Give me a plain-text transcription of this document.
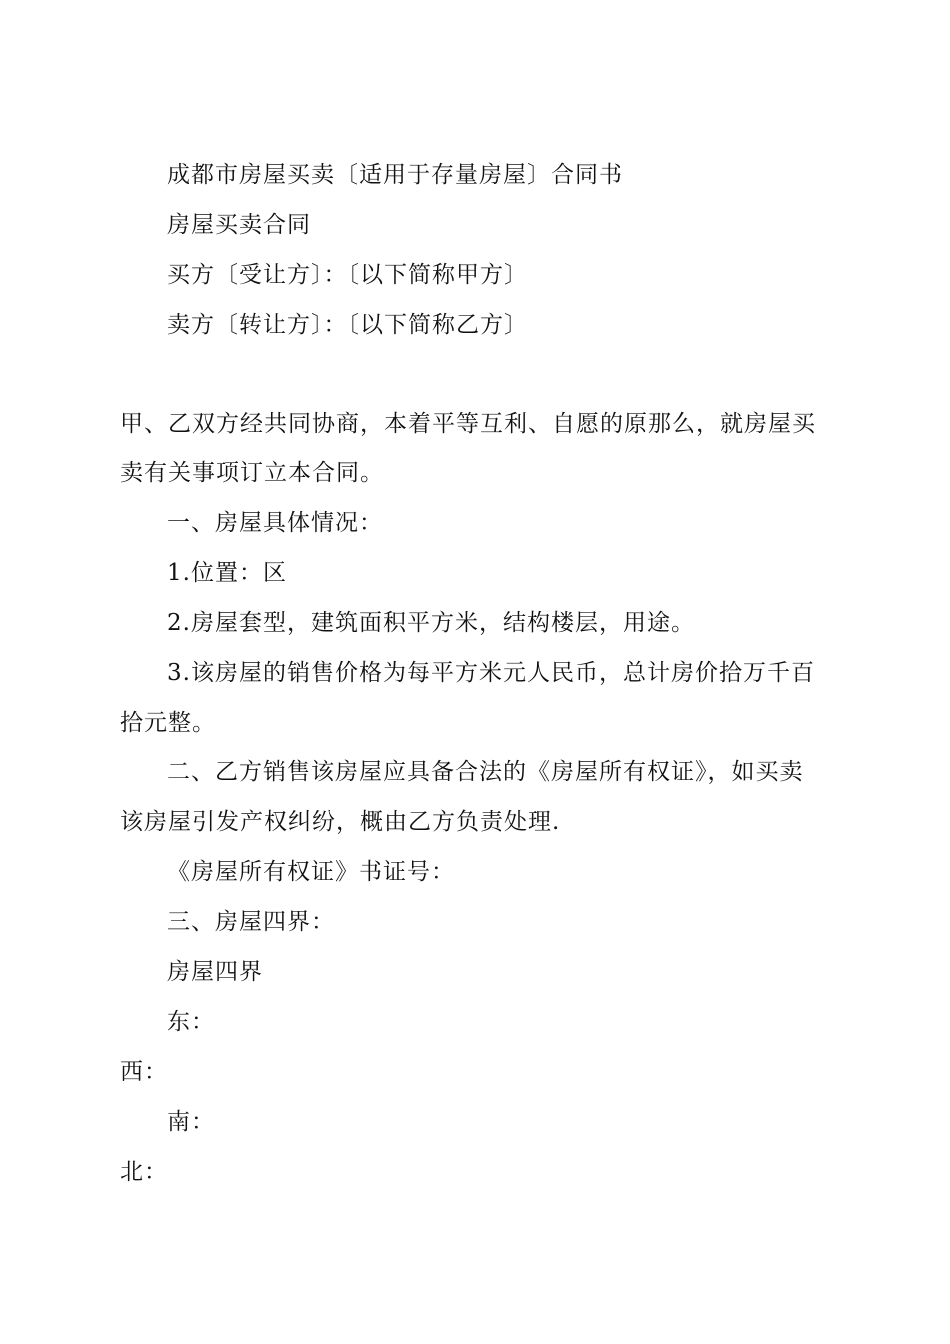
成都市房屋买卖〔适用于存量房屋〕合同书
房屋买卖合同
买方〔受让方〕：〔以下简称甲方〕
卖方〔转让方〕：〔以下简称乙方〕
甲、乙双方经共同协商，本着平等互利、自愿的原那么，就房屋买
卖有关事项订立本合同。
一、房屋具体情况：
1.位置：区
2.房屋套型，建筑面积平方米，结构楼层，用途。
3.该房屋的销售价格为每平方米元人民币，总计房价拾万千百
拾元整。
二、乙方销售该房屋应具备合法的《房屋所有权证》，如买卖
该房屋引发产权纠纷，概由乙方负责处理.
《房屋所有权证》书证号：
三、房屋四界：
房屋四界
东：
西：
南：
北：
